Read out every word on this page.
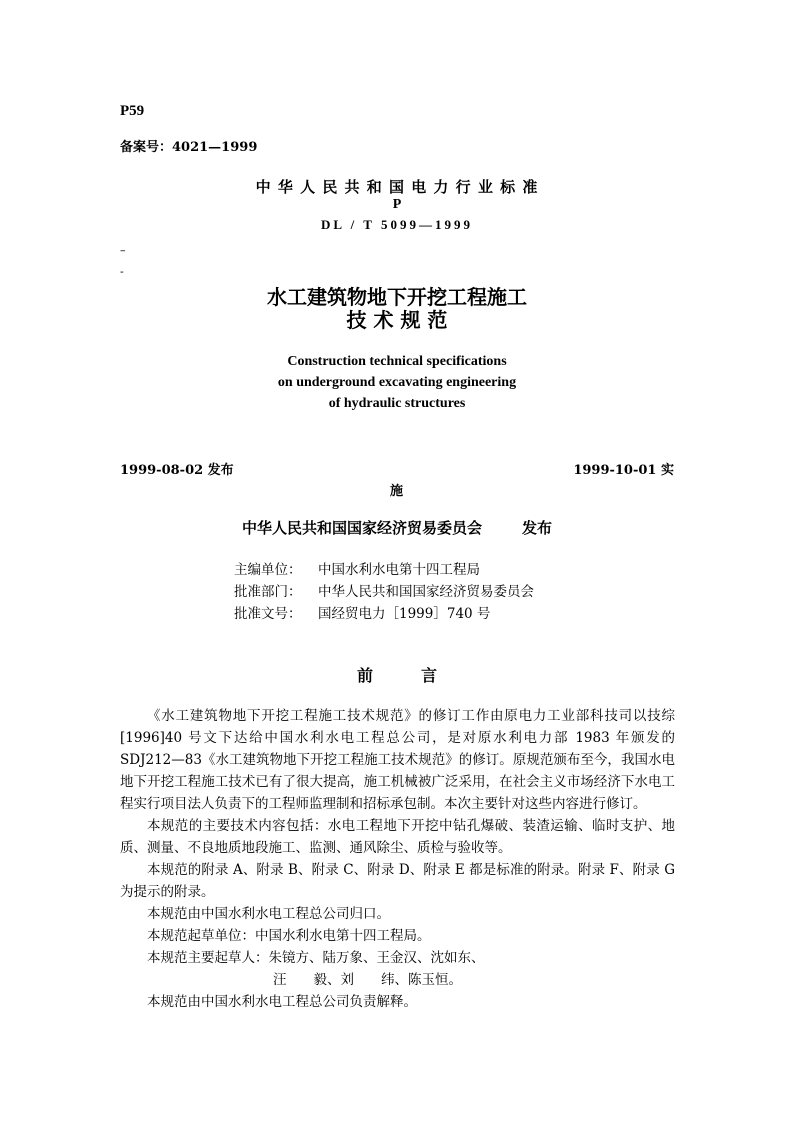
P59
备案号：4021—1999
中 华 人 民 共 和 国 电 力 行 业 标 准
P
DL / T 5099—1999
–
-
水工建筑物地下开挖工程施工
技 术 规 范
Construction technical specifications
on underground excavating engineering
of hydraulic structures
1999-08-02 发布	1999-10-01 实
施
中华人民共和国国家经济贸易委员会	发布
主编单位： 中国水利水电第十四工程局
批准部门： 中华人民共和国国家经济贸易委员会
批准文号： 国经贸电力［1999］740 号
前　　　言
《水工建筑物地下开挖工程施工技术规范》的修订工作由原电力工业部科技司以技综[1996]40 号文下达给中国水利水电工程总公司，是对原水利电力部 1983 年颁发的 SDJ212—83《水工建筑物地下开挖工程施工技术规范》的修订。原规范颁布至今，我国水电地下开挖工程施工技术已有了很大提高，施工机械被广泛采用，在社会主义市场经济下水电工程实行项目法人负责下的工程师监理制和招标承包制。本次主要针对这些内容进行修订。
本规范的主要技术内容包括：水电工程地下开挖中钻孔爆破、装渣运输、临时支护、地质、测量、不良地质地段施工、监测、通风除尘、质检与验收等。
本规范的附录 A、附录 B、附录 C、附录 D、附录 E 都是标准的附录。附录 F、附录 G 为提示的附录。
本规范由中国水利水电工程总公司归口。
本规范起草单位：中国水利水电第十四工程局。
本规范主要起草人：朱镜方、陆万象、王金汉、沈如东、
汪　　毅、刘　　纬、陈玉恒。
本规范由中国水利水电工程总公司负责解释。
